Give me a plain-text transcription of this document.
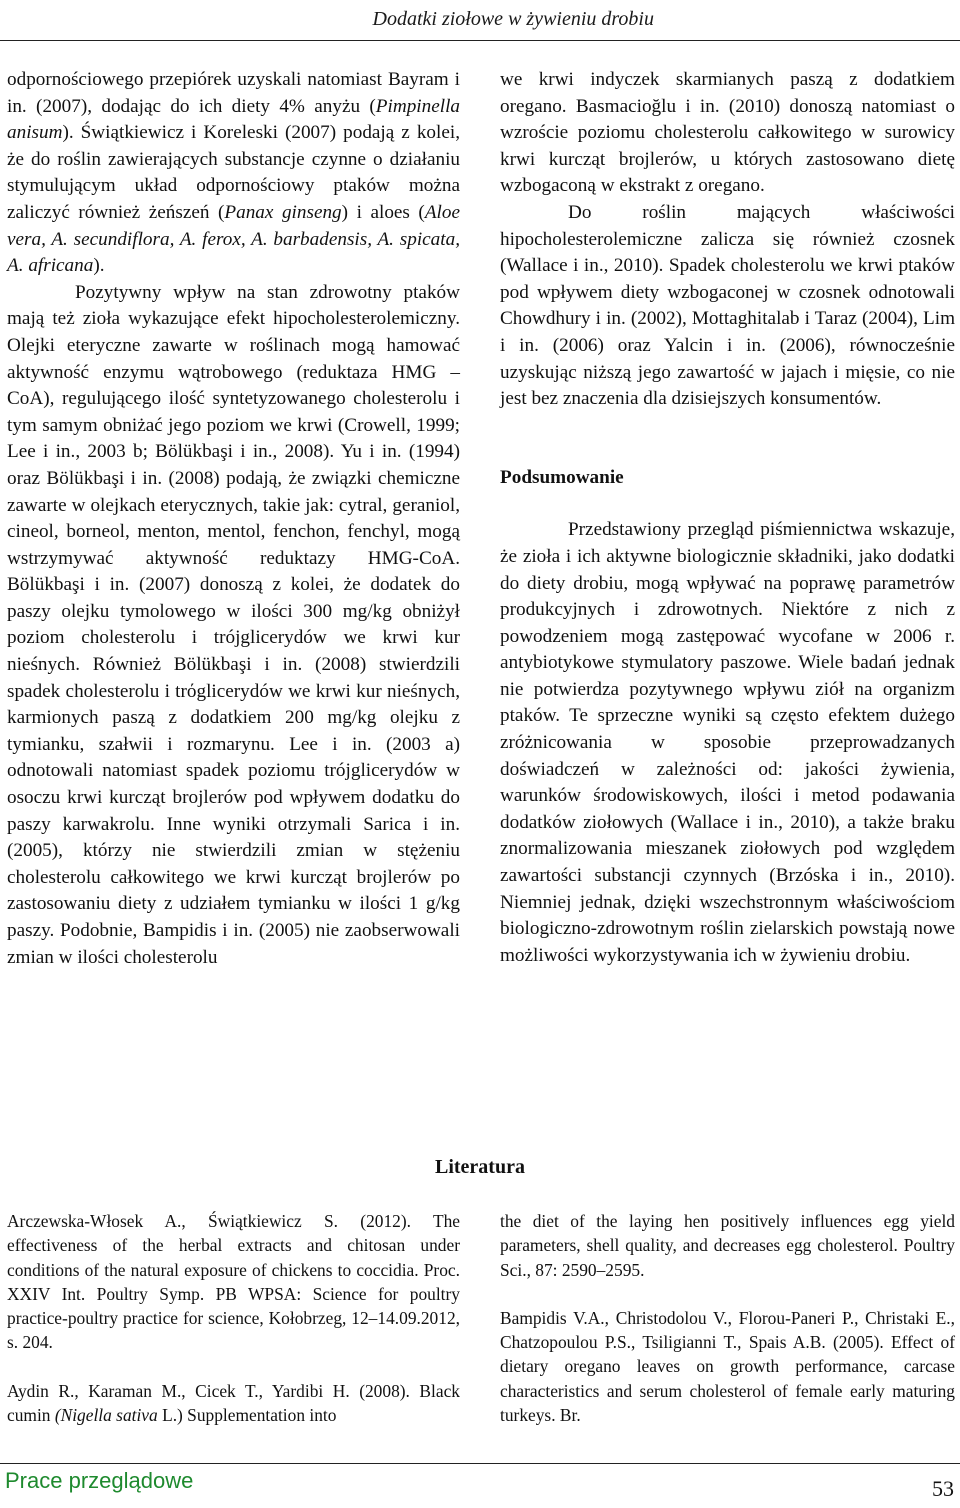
Dodatki ziołowe w żywieniu drobiu

odpornościowego przepiórek uzyskali natomiast Bayram i in. (2007), dodając do ich diety 4% anyżu (Pimpinella anisum). Świątkiewicz i Koreleski (2007) podają z kolei, że do roślin zawierających substancje czynne o działaniu stymulującym układ odpornościowy ptaków można zaliczyć również żeńszeń (Panax ginseng) i aloes (Aloe vera, A. secundiflora, A. ferox, A. barbadensis, A. spicata, A. africana).

Pozytywny wpływ na stan zdrowotny ptaków mają też zioła wykazujące efekt hipocholesterolemiczny. Olejki eteryczne zawarte w roślinach mogą hamować aktywność enzymu wątrobowego (reduktaza HMG – CoA), regulującego ilość syntetyzowanego cholesterolu i tym samym obniżać jego poziom we krwi (Crowell, 1999; Lee i in., 2003 b; Bölükbaşi i in., 2008). Yu i in. (1994) oraz Bölükbaşi i in. (2008) podają, że związki chemiczne zawarte w olejkach eterycznych, takie jak: cytral, geraniol, cineol, borneol, menton, mentol, fenchon, fenchyl, mogą wstrzymywać aktywność reduktazy HMG-CoA. Bölükbaşi i in. (2007) donoszą z kolei, że dodatek do paszy olejku tymolowego w ilości 300 mg/kg obniżył poziom cholesterolu i trójglicerydów we krwi kur nieśnych. Również Bölükbaşi i in. (2008) stwierdzili spadek cholesterolu i trόglicerydów we krwi kur nieśnych, karmionych paszą z dodatkiem 200 mg/kg olejku z tymianku, szałwii i rozmarynu. Lee i in. (2003 a) odnotowali natomiast spadek poziomu trójglicerydów w osoczu krwi kurcząt brojlerów pod wpływem dodatku do paszy karwakrolu. Inne wyniki otrzymali Sarica i in. (2005), którzy nie stwierdzili zmian w stężeniu cholesterolu całkowitego we krwi kurcząt brojlerów po zastosowaniu diety z udziałem tymianku w ilości 1 g/kg paszy. Podobnie, Bampidis i in. (2005) nie zaobserwowali zmian w ilości cholesterolu

we krwi indyczek skarmianych paszą z dodatkiem oregano. Basmacioğlu i in. (2010) donoszą natomiast o wzroście poziomu cholesterolu całkowitego w surowicy krwi kurcząt brojlerów, u których zastosowano dietę wzbogaconą w ekstrakt z oregano.

Do roślin mających właściwości hipocholesterolemiczne zalicza się również czosnek (Wallace i in., 2010). Spadek cholesterolu we krwi ptaków pod wpływem diety wzbogaconej w czosnek odnotowali Chowdhury i in. (2002), Mottaghitalab i Taraz (2004), Lim i in. (2006) oraz Yalcin i in. (2006), równocześnie uzyskując niższą jego zawartość w jajach i mięsie, co nie jest bez znaczenia dla dzisiejszych konsumentów.

Podsumowanie

Przedstawiony przegląd piśmiennictwa wskazuje, że zioła i ich aktywne biologicznie składniki, jako dodatki do diety drobiu, mogą wpływać na poprawę parametrów produkcyjnych i zdrowotnych. Niektóre z nich z powodzeniem mogą zastępować wycofane w 2006 r. antybiotykowe stymulatory paszowe. Wiele badań jednak nie potwierdza pozytywnego wpływu ziół na organizm ptaków. Te sprzeczne wyniki są często efektem dużego zróżnicowania w sposobie przeprowadzanych doświadczeń w zależności od: jakości żywienia, warunków środowiskowych, ilości i metod podawania dodatków ziołowych (Wallace i in., 2010), a także braku znormalizowania mieszanek ziołowych pod względem zawartości substancji czynnych (Brzóska i in., 2010). Niemniej jednak, dzięki wszechstronnym właściwościom biologiczno-zdrowotnym roślin zielarskich powstają nowe możliwości wykorzystywania ich w żywieniu drobiu.

Literatura

Arczewska-Włosek A., Świątkiewicz S. (2012). The effectiveness of the herbal extracts and chitosan under conditions of the natural exposure of chickens to coccidia. Proc. XXIV Int. Poultry Symp. PB WPSA: Science for poultry practice-poultry practice for science, Kołobrzeg, 12–14.09.2012, s. 204.

Aydin R., Karaman M., Cicek T., Yardibi H. (2008). Black cumin (Nigella sativa L.) Supplementation into

the diet of the laying hen positively influences egg yield parameters, shell quality, and decreases egg cholesterol. Poultry Sci., 87: 2590–2595.

Bampidis V.A., Christodolou V., Florou-Paneri P., Christaki E., Chatzopoulou P.S., Tsiligianni T., Spais A.B. (2005). Effect of dietary oregano leaves on growth performance, carcase characteristics and serum cholesterol of female early maturing turkeys. Br.

Prace przeglądowe	53
